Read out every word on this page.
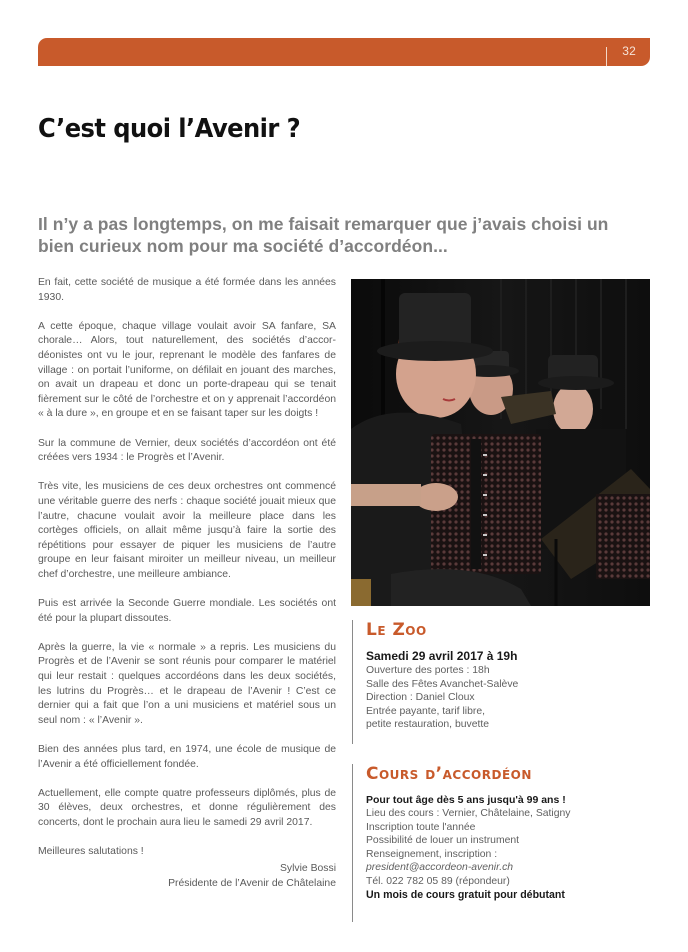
32
C’est quoi l’Avenir ?

Il n’y a pas longtemps, on me faisait remarquer que j’avais choisi un bien curieux nom pour ma société d’accordéon...

En fait, cette société de musique a été formée dans les années 1930.

A cette époque, chaque village voulait avoir SA fanfare, SA chorale… Alors, tout naturellement, des sociétés d’accordéonistes ont vu le jour, reprenant le modèle des fanfares de village : on portait l’uniforme, on défilait en jouant des marches, on avait un drapeau et donc un porte-drapeau qui se tenait fièrement sur le côté de l’orchestre et on y apprenait l’accordéon « à la dure », en groupe et en se faisant taper sur les doigts !

Sur la commune de Vernier, deux sociétés d’accordéon ont été créées vers 1934 : le Progrès et l’Avenir.

Très vite, les musiciens de ces deux orchestres ont commencé une véritable guerre des nerfs : chaque société jouait mieux que l’autre, chacune voulait avoir la meilleure place dans les cortèges officiels, on allait même jusqu’à faire la sortie des répétitions pour essayer de piquer les musiciens de l’autre groupe en leur faisant miroiter un meilleur niveau, un meilleur chef d’orchestre, une meilleure ambiance.

Puis est arrivée la Seconde Guerre mondiale. Les sociétés ont été pour la plupart dissoutes.

Après la guerre, la vie « normale » a repris. Les musiciens du Progrès et de l’Avenir se sont réunis pour comparer le matériel qui leur restait : quelques accordéons dans les deux sociétés, les lutrins du Progrès… et le drapeau de l’Avenir ! C’est ce dernier qui a fait que l’on a uni musiciens et matériel sous un seul nom : « l’Avenir ».

Bien des années plus tard, en 1974, une école de musique de l’Avenir a été officiellement fondée.

Actuellement, elle compte quatre professeurs diplômés, plus de 30 élèves, deux orchestres, et donne régulièrement des concerts, dont le prochain aura lieu le samedi 29 avril 2017.

Meilleures salutations !

Sylvie Bossi
Présidente de l’Avenir de Châtelaine
Le Zoo
Samedi 29 avril 2017 à 19h
Ouverture des portes : 18h
Salle des Fêtes Avanchet-Salève
Direction : Daniel Cloux
Entrée payante, tarif libre,
petite restauration, buvette
Cours d’accordéon
Pour tout âge dès 5 ans jusqu'à 99 ans !
Lieu des cours : Vernier, Châtelaine, Satigny
Inscription toute l'année
Possibilité de louer un instrument
Renseignement, inscription :
president@accordeon-avenir.ch
Tél. 022 782 05 89 (répondeur)
Un mois de cours gratuit pour débutant
